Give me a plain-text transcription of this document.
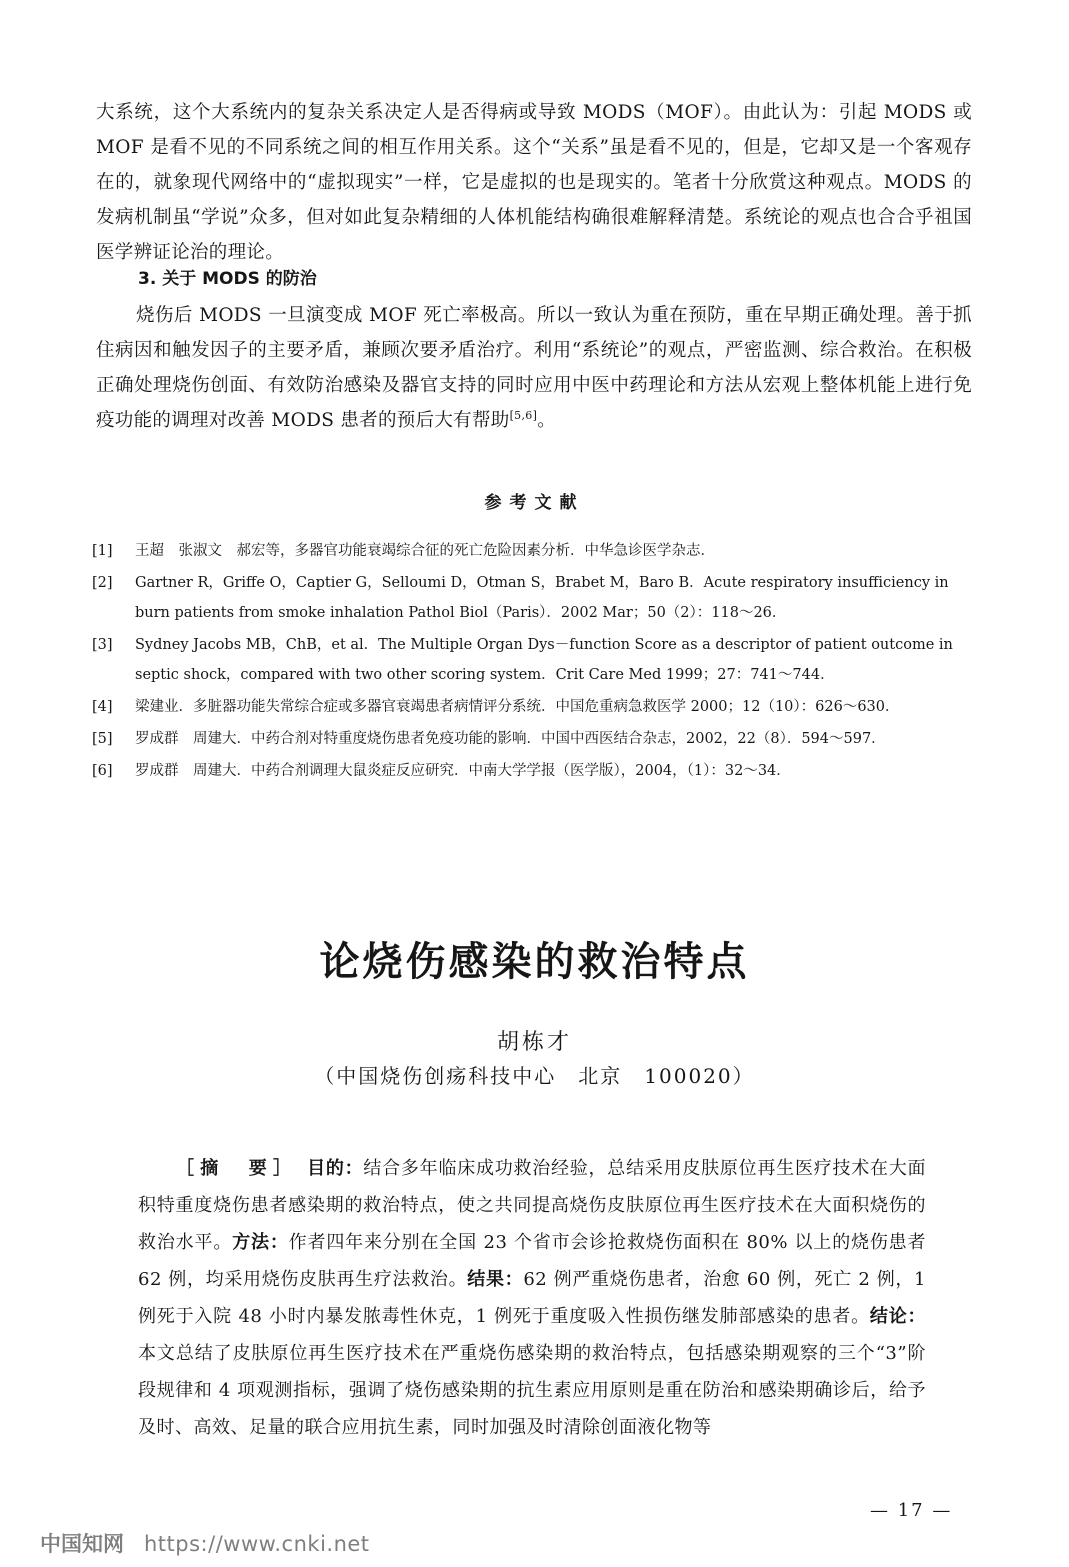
大系统，这个大系统内的复杂关系决定人是否得病或导致 MODS（MOF）。由此认为：引起 MODS 或 MOF 是看不见的不同系统之间的相互作用关系。这个“关系”虽是看不见的，但是，它却又是一个客观存在的，就象现代网络中的“虚拟现实”一样，它是虚拟的也是现实的。笔者十分欣赏这种观点。MODS 的发病机制虽“学说”众多，但对如此复杂精细的人体机能结构确很难解释清楚。系统论的观点也合合乎祖国医学辨证论治的理论。

3. 关于 MODS 的防治

烧伤后 MODS 一旦演变成 MOF 死亡率极高。所以一致认为重在预防，重在早期正确处理。善于抓住病因和触发因子的主要矛盾，兼顾次要矛盾治疗。利用“系统论”的观点，严密监测、综合救治。在积极正确处理烧伤创面、有效防治感染及器官支持的同时应用中医中药理论和方法从宏观上整体机能上进行免疫功能的调理对改善 MODS 患者的预后大有帮助[5,6]。

参考文献

[1] 王超　张淑文　郝宏等，多器官功能衰竭综合征的死亡危险因素分析．中华急诊医学杂志．
[2] Gartner R，Griffe O，Captier G，Selloumi D，Otman S，Brabet M，Baro B．Acute respiratory insufficiency in burn patients from smoke inhalation Pathol Biol（Paris）．2002 Mar；50（2）：118～26．
[3] Sydney Jacobs MB，ChB，et al．The Multiple Organ Dys－function Score as a descriptor of patient outcome in septic shock，compared with two other scoring system．Crit Care Med 1999；27：741～744．
[4] 梁建业．多脏器功能失常综合症或多器官衰竭患者病情评分系统．中国危重病急救医学 2000；12（10）：626～630．
[5] 罗成群　周建大．中药合剂对特重度烧伤患者免疫功能的影响．中国中西医结合杂志，2002，22（8）．594～597．
[6] 罗成群　周建大．中药合剂调理大鼠炎症反应研究．中南大学学报（医学版），2004，（1）：32～34．
论烧伤感染的救治特点

胡栋才

（中国烧伤创疡科技中心　北京　100020）

［摘　要］　 目的：结合多年临床成功救治经验，总结采用皮肤原位再生医疗技术在大面积特重度烧伤患者感染期的救治特点，使之共同提高烧伤皮肤原位再生医疗技术在大面积烧伤的救治水平。方法：作者四年来分别在全国 23 个省市会诊抢救烧伤面积在 80% 以上的烧伤患者 62 例，均采用烧伤皮肤再生疗法救治。结果：62 例严重烧伤患者，治愈 60 例，死亡 2 例，1 例死于入院 48 小时内暴发脓毒性休克，1 例死于重度吸入性损伤继发肺部感染的患者。结论：本文总结了皮肤原位再生医疗技术在严重烧伤感染期的救治特点，包括感染期观察的三个“3”阶段规律和 4 项观测指标，强调了烧伤感染期的抗生素应用原则是重在防治和感染期确诊后，给予及时、高效、足量的联合应用抗生素，同时加强及时清除创面液化物等

— 17 —

中国知网 https://www.cnki.net
